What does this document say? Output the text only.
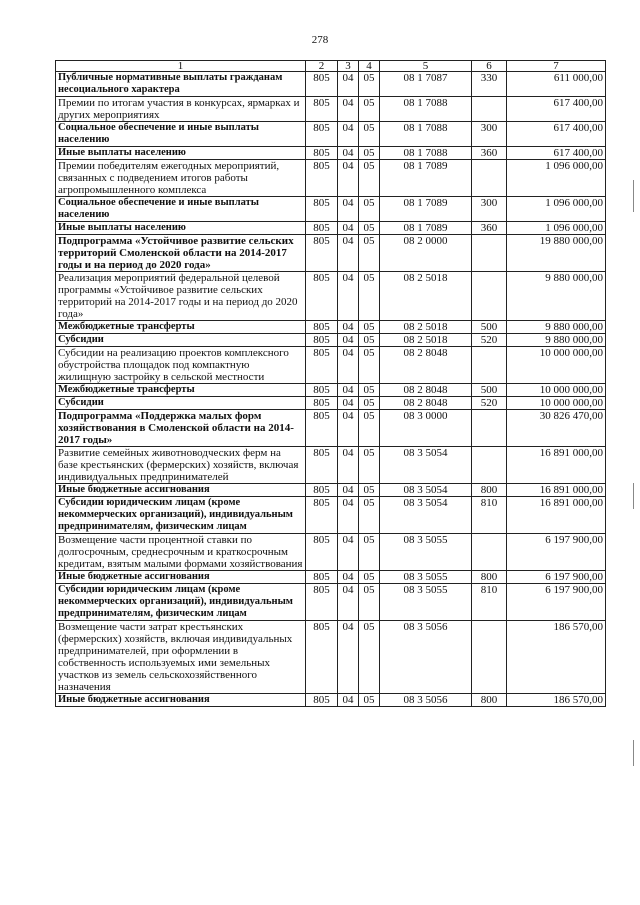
278
1	2	3	4	5	6	7
Публичные нормативные выплаты гражданам несоциального характера	805	04	05	08 1 7087	330	611 000,00
Премии по итогам участия в конкурсах, ярмарках и других мероприятиях	805	04	05	08 1 7088		617 400,00
Социальное обеспечение и иные выплаты населению	805	04	05	08 1 7088	300	617 400,00
Иные выплаты населению	805	04	05	08 1 7088	360	617 400,00
Премии победителям ежегодных мероприятий, связанных с подведением итогов работы агропромышленного комплекса	805	04	05	08 1 7089		1 096 000,00
Социальное обеспечение и иные выплаты населению	805	04	05	08 1 7089	300	1 096 000,00
Иные выплаты населению	805	04	05	08 1 7089	360	1 096 000,00
Подпрограмма «Устойчивое развитие сельских территорий Смоленской области на 2014-2017 годы и на период до 2020 года»	805	04	05	08 2 0000		19 880 000,00
Реализация мероприятий федеральной целевой программы «Устойчивое развитие сельских территорий на 2014-2017 годы и на период до 2020 года»	805	04	05	08 2 5018		9 880 000,00
Межбюджетные трансферты	805	04	05	08 2 5018	500	9 880 000,00
Субсидии	805	04	05	08 2 5018	520	9 880 000,00
Субсидии на реализацию проектов комплексного обустройства площадок под компактную жилищную застройку в сельской местности	805	04	05	08 2 8048		10 000 000,00
Межбюджетные трансферты	805	04	05	08 2 8048	500	10 000 000,00
Субсидии	805	04	05	08 2 8048	520	10 000 000,00
Подпрограмма «Поддержка малых форм хозяйствования в Смоленской области на 2014-2017 годы»	805	04	05	08 3 0000		30 826 470,00
Развитие семейных животноводческих ферм на базе крестьянских (фермерских) хозяйств, включая индивидуальных предпринимателей	805	04	05	08 3 5054		16 891 000,00
Иные бюджетные ассигнования	805	04	05	08 3 5054	800	16 891 000,00
Субсидии юридическим лицам (кроме некоммерческих организаций), индивидуальным предпринимателям, физическим лицам	805	04	05	08 3 5054	810	16 891 000,00
Возмещение части процентной ставки по долгосрочным, среднесрочным и краткосрочным кредитам, взятым малыми формами хозяйствования	805	04	05	08 3 5055		6 197 900,00
Иные бюджетные ассигнования	805	04	05	08 3 5055	800	6 197 900,00
Субсидии юридическим лицам (кроме некоммерческих организаций), индивидуальным предпринимателям, физическим лицам	805	04	05	08 3 5055	810	6 197 900,00
Возмещение части затрат крестьянских (фермерских) хозяйств, включая индивидуальных предпринимателей, при оформлении в собственность используемых ими земельных участков из земель сельскохозяйственного назначения	805	04	05	08 3 5056		186 570,00
Иные бюджетные ассигнования	805	04	05	08 3 5056	800	186 570,00
